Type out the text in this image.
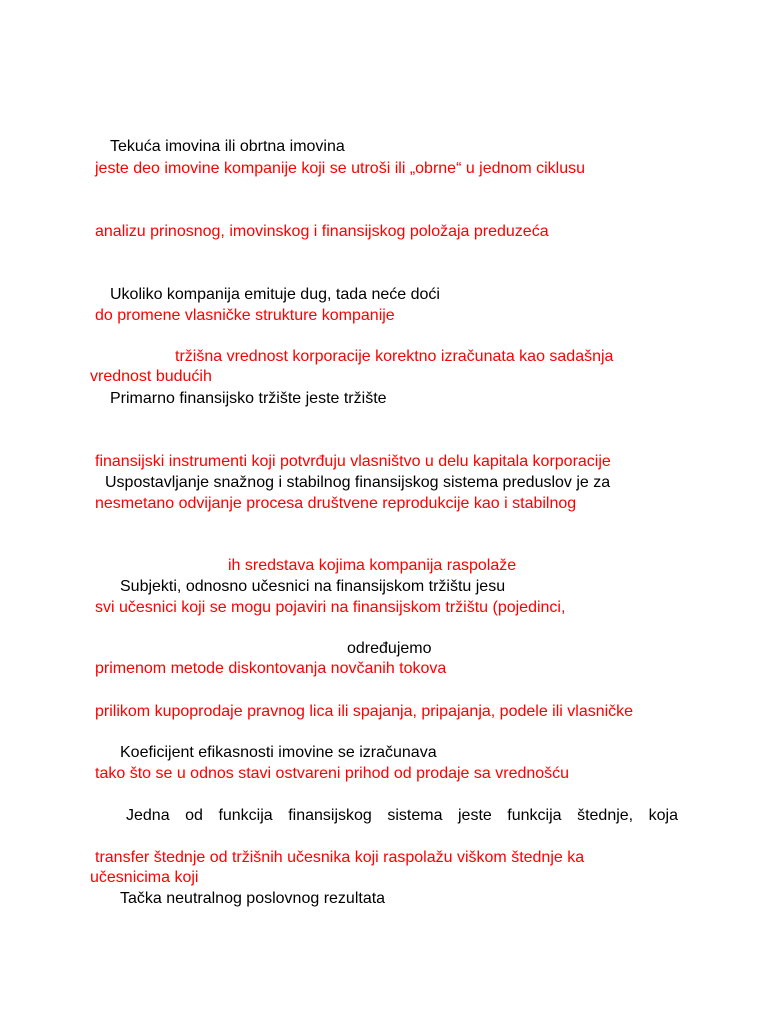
Tekuća imovina ili obrtna imovina

jeste deo imovine kompanije koji se utroši ili „obrne“ u jednom ciklusu

analizu prinosnog, imovinskog i finansijskog položaja preduzeća

Ukoliko kompanija emituje dug, tada neće doći

do promene vlasničke strukture kompanije

tržišna vrednost korporacije korektno izračunata kao sadašnja

vrednost budućih

Primarno finansijsko tržište jeste tržište

finansijski instrumenti koji potvrđuju vlasništvo u delu kapitala korporacije

Uspostavljanje snažnog i stabilnog finansijskog sistema preduslov je za

nesmetano odvijanje procesa društvene reprodukcije kao i stabilnog

ih sredstava kojima kompanija raspolaže

Subjekti, odnosno učesnici na finansijskom tržištu jesu

svi učesnici koji se mogu pojaviri na finansijskom tržištu (pojedinci,

određujemo

primenom metode diskontovanja novčanih tokova

prilikom kupoprodaje pravnog lica ili spajanja, pripajanja, podele ili vlasničke

Koeficijent efikasnosti imovine se izračunava

tako što se u odnos stavi ostvareni prihod od prodaje sa vrednošću

Jedna od funkcija finansijskog sistema jeste funkcija štednje, koja

transfer štednje od tržišnih učesnika koji raspolažu viškom štednje ka

učesnicima koji

Tačka neutralnog poslovnog rezultata
